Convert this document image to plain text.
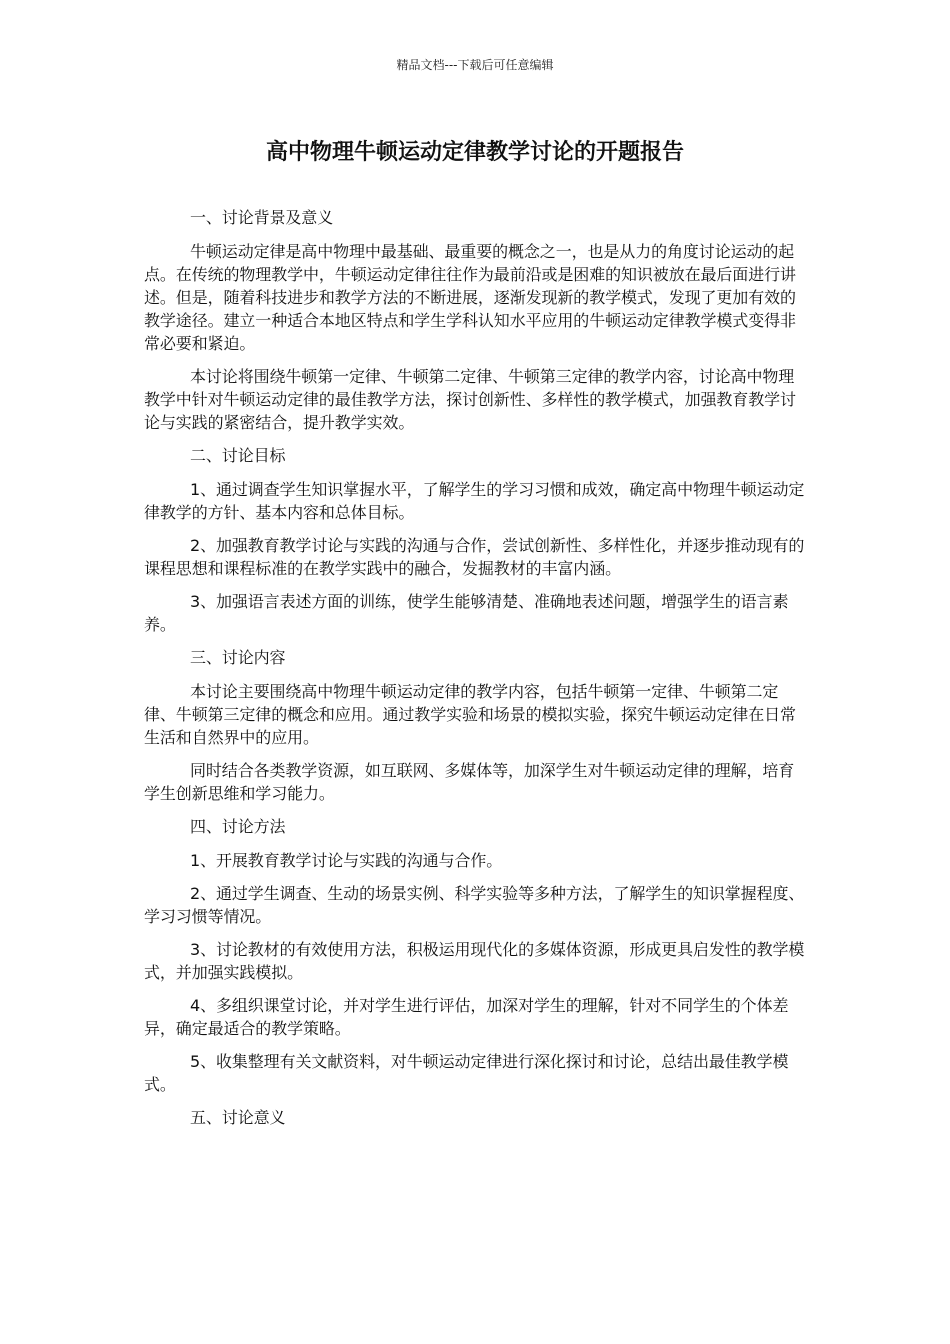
精品文档---下载后可任意编辑
高中物理牛顿运动定律教学讨论的开题报告

一、讨论背景及意义

牛顿运动定律是高中物理中最基础、最重要的概念之一，也是从力的角度讨论运动的起点。在传统的物理教学中，牛顿运动定律往往作为最前沿或是困难的知识被放在最后面进行讲述。但是，随着科技进步和教学方法的不断进展，逐渐发现新的教学模式，发现了更加有效的教学途径。建立一种适合本地区特点和学生学科认知水平应用的牛顿运动定律教学模式变得非常必要和紧迫。

本讨论将围绕牛顿第一定律、牛顿第二定律、牛顿第三定律的教学内容，讨论高中物理教学中针对牛顿运动定律的最佳教学方法，探讨创新性、多样性的教学模式，加强教育教学讨论与实践的紧密结合，提升教学实效。

二、讨论目标

1、通过调查学生知识掌握水平，了解学生的学习习惯和成效，确定高中物理牛顿运动定律教学的方针、基本内容和总体目标。

2、加强教育教学讨论与实践的沟通与合作，尝试创新性、多样性化，并逐步推动现有的课程思想和课程标准的在教学实践中的融合，发掘教材的丰富内涵。

3、加强语言表述方面的训练，使学生能够清楚、准确地表述问题，增强学生的语言素养。

三、讨论内容

本讨论主要围绕高中物理牛顿运动定律的教学内容，包括牛顿第一定律、牛顿第二定律、牛顿第三定律的概念和应用。通过教学实验和场景的模拟实验，探究牛顿运动定律在日常生活和自然界中的应用。

同时结合各类教学资源，如互联网、多媒体等，加深学生对牛顿运动定律的理解，培育学生创新思维和学习能力。

四、讨论方法

1、开展教育教学讨论与实践的沟通与合作。

2、通过学生调查、生动的场景实例、科学实验等多种方法，了解学生的知识掌握程度、学习习惯等情况。

3、讨论教材的有效使用方法，积极运用现代化的多媒体资源，形成更具启发性的教学模式，并加强实践模拟。

4、多组织课堂讨论，并对学生进行评估，加深对学生的理解，针对不同学生的个体差异，确定最适合的教学策略。

5、收集整理有关文献资料，对牛顿运动定律进行深化探讨和讨论，总结出最佳教学模式。

五、讨论意义
